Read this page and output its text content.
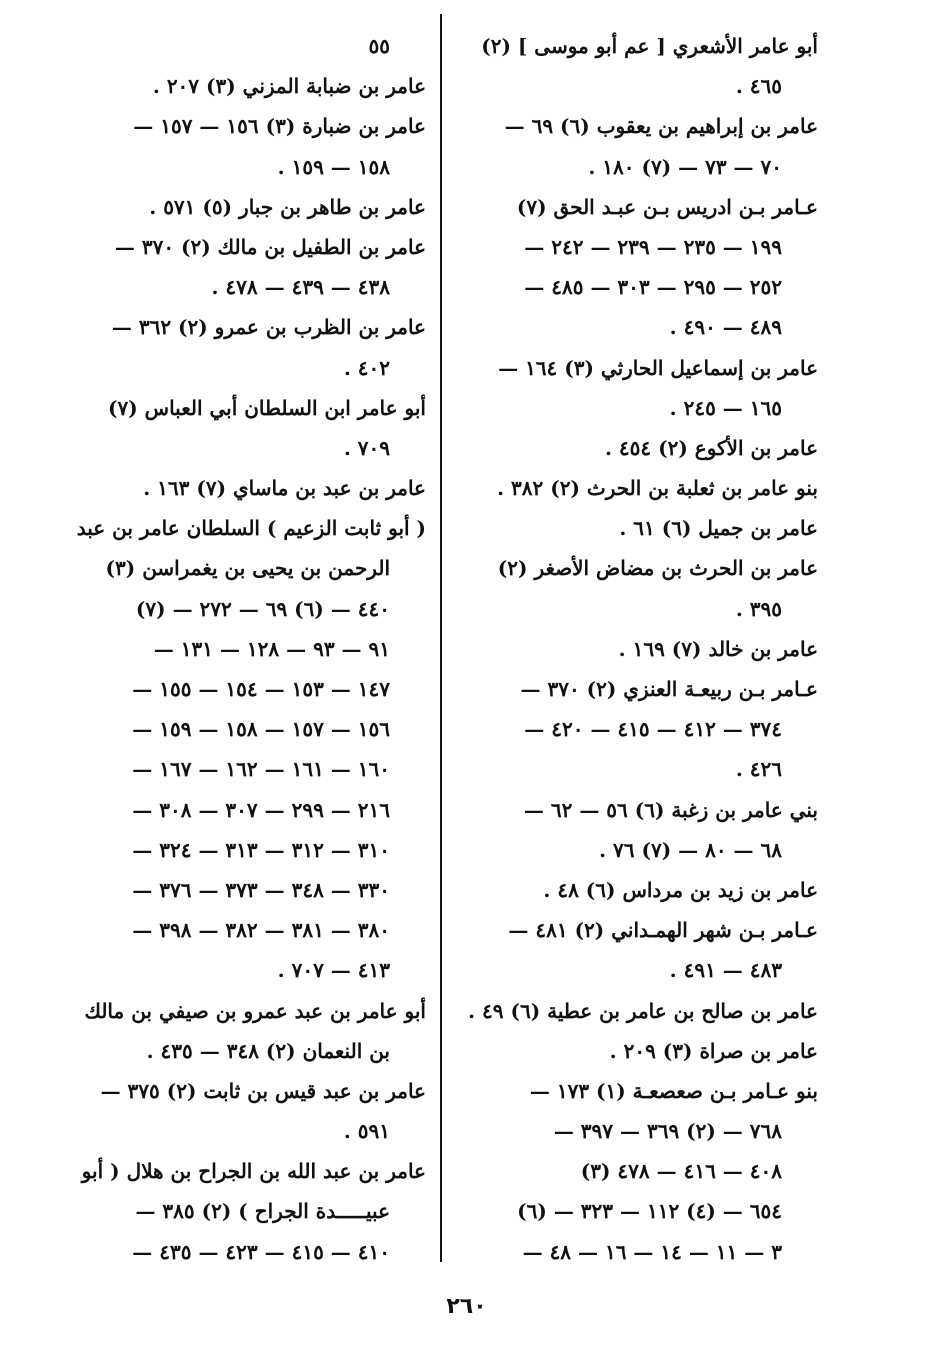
أبو عامر الأشعري [ عم أبو موسى ] (٢)
٤٦٥ .
عامر بن إبراهيم بن يعقوب (٦) ٦٩ —
٧٠ — ٧٣ — (٧) ١٨٠ .
عـامر بـن ادريس بـن عبـد الحق (٧)
١٩٩ — ٢٣٥ — ٢٣٩ — ٢٤٢ —
٢٥٢ — ٢٩٥ — ٣٠٣ — ٤٨٥ —
٤٨٩ — ٤٩٠ .
عامر بن إسماعيل الحارثي (٣) ١٦٤ —
١٦٥ — ٢٤٥ .
عامر بن الأكوع (٢) ٤٥٤ .
بنو عامر بن ثعلبة بن الحرث (٢) ٣٨٢ .
عامر بن جميل (٦) ٦١ .
عامر بن الحرث بن مضاض الأصغر (٢)
٣٩٥ .
عامر بن خالد (٧) ١٦٩ .
عـامر بـن ربيعـة العنزي (٢) ٣٧٠ —
٣٧٤ — ٤١٢ — ٤١٥ — ٤٢٠ —
٤٢٦ .
بني عامر بن زغبة (٦) ٥٦ — ٦٢ —
٦٨ — ٨٠ — (٧) ٧٦ .
عامر بن زيد بن مرداس (٦) ٤٨ .
عـامر بـن شهر الهمـداني (٢) ٤٨١ —
٤٨٣ — ٤٩١ .
عامر بن صالح بن عامر بن عطية (٦) ٤٩ .
عامر بن صراة (٣) ٢٠٩ .
بنو عـامر بـن صعصعـة (١) ١٧٣ —
٧٦٨ — (٢) ٣٦٩ — ٣٩٧ —
٤٠٨ — ٤١٦ — ٤٧٨ (٣)
٦٥٤ — (٤) ١١٢ — ٣٢٣ — (٦)
٣ — ١١ — ١٤ — ١٦ — ٤٨ —
٥٥
عامر بن ضبابة المزني (٣) ٢٠٧ .
عامر بن ضبارة (٣) ١٥٦ — ١٥٧ —
١٥٨ — ١٥٩ .
عامر بن طاهر بن جبار (٥) ٥٧١ .
عامر بن الطفيل بن مالك (٢) ٣٧٠ —
٤٣٨ — ٤٣٩ — ٤٧٨ .
عامر بن الظرب بن عمرو (٢) ٣٦٢ —
٤٠٢ .
أبو عامر ابن السلطان أبي العباس (٧)
٧٠٩ .
عامر بن عبد بن ماساي (٧) ١٦٣ .
( أبو ثابت الزعيم ) السلطان عامر بن عبد
الرحمن بن يحيى بن يغمراسن (٣)
٤٤٠ — (٦) ٦٩ — ٢٧٢ — (٧)
٩١ — ٩٣ — ١٢٨ — ١٣١ —
١٤٧ — ١٥٣ — ١٥٤ — ١٥٥ —
١٥٦ — ١٥٧ — ١٥٨ — ١٥٩ —
١٦٠ — ١٦١ — ١٦٢ — ١٦٧ —
٢١٦ — ٢٩٩ — ٣٠٧ — ٣٠٨ —
٣١٠ — ٣١٢ — ٣١٣ — ٣٢٤ —
٣٣٠ — ٣٤٨ — ٣٧٣ — ٣٧٦ —
٣٨٠ — ٣٨١ — ٣٨٢ — ٣٩٨ —
٤١٣ — ٧٠٧ .
أبو عامر بن عبد عمرو بن صيفي بن مالك
بن النعمان (٢) ٣٤٨ — ٤٣٥ .
عامر بن عبد قيس بن ثابت (٢) ٣٧٥ —
٥٩١ .
عامر بن عبد الله بن الجراح بن هلال ( أبو
عبيـــــدة الجراح ) (٢) ٣٨٥ —
٤١٠ — ٤١٥ — ٤٢٣ — ٤٣٥ —
٢٦٠
